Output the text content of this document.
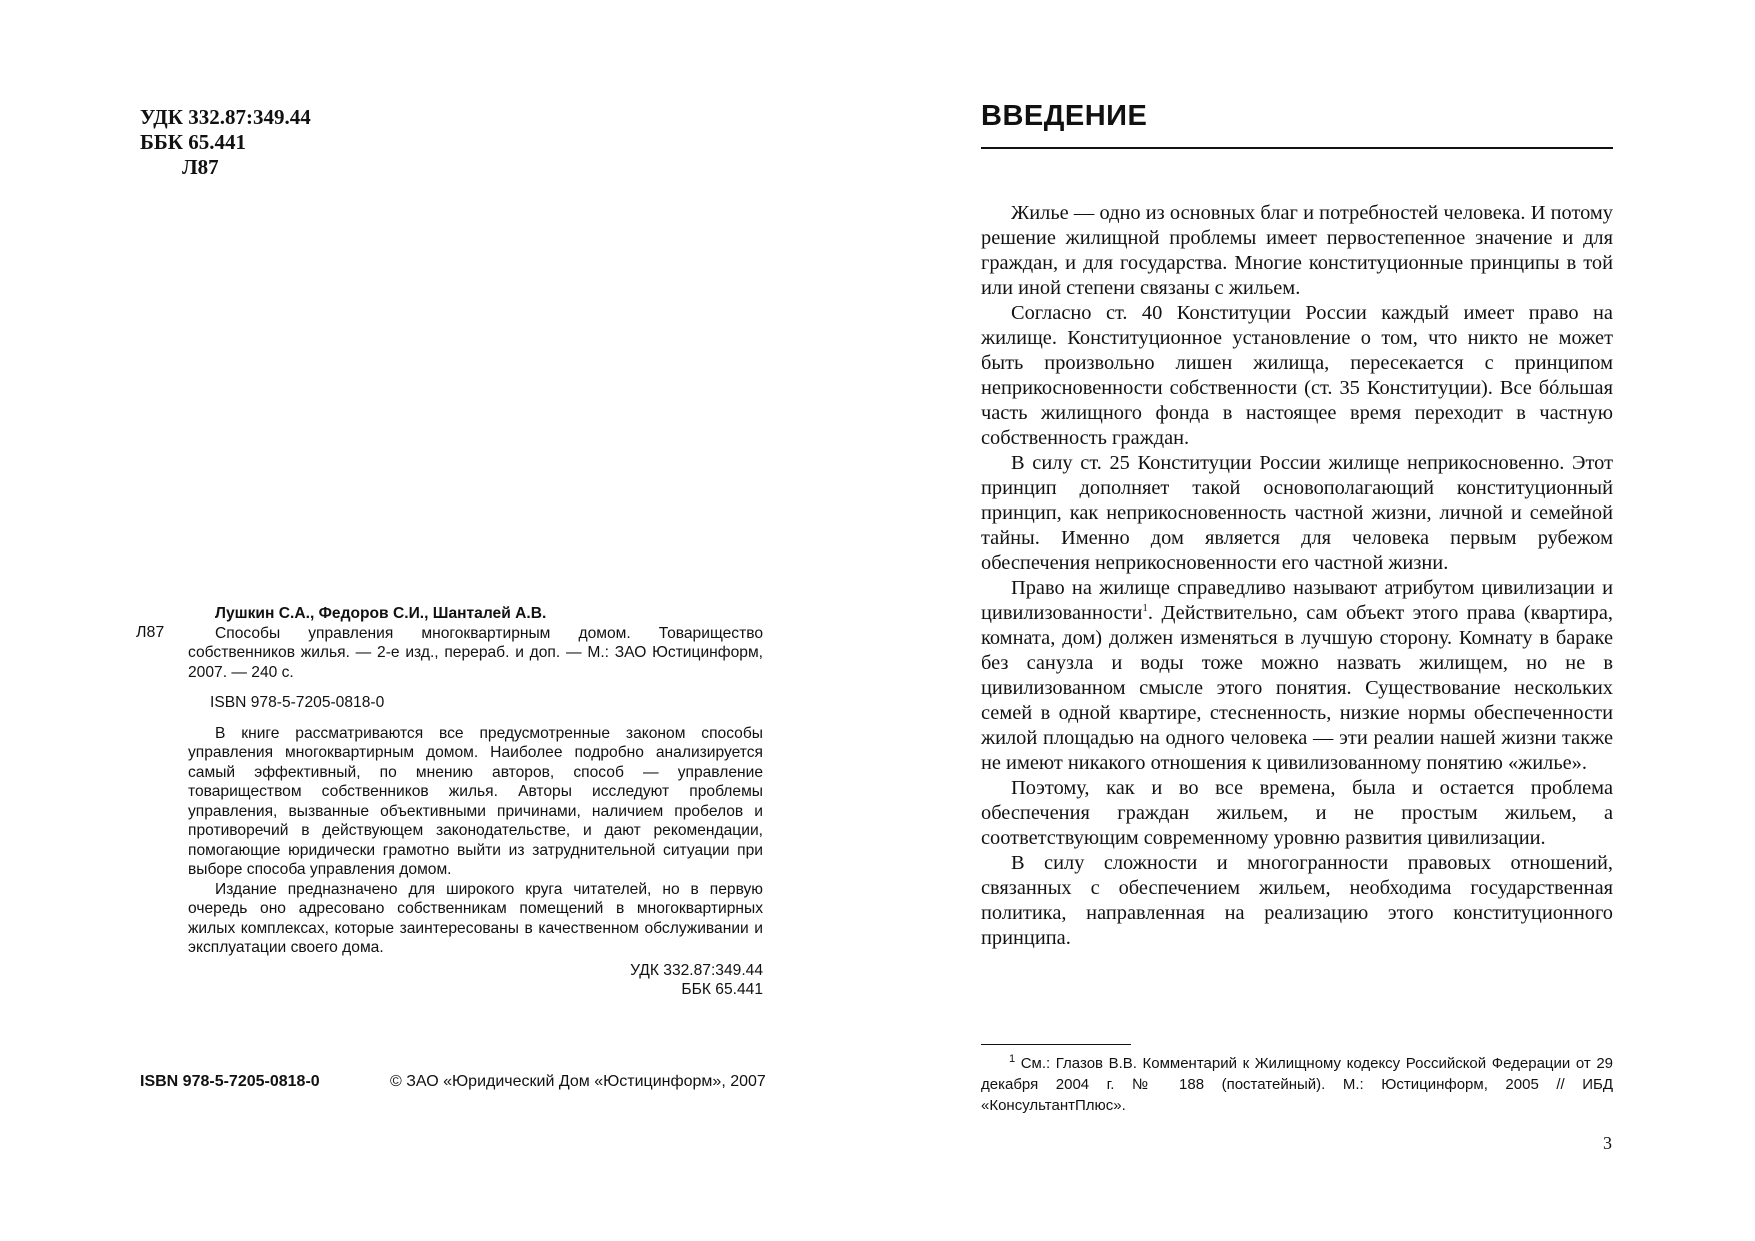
УДК 332.87:349.44
ББК 65.441
Л87
Л87

Лушкин С.А., Федоров С.И., Шанталей А.В.

Способы управления многоквартирным домом. Товарищество собственников жилья. — 2-е изд., перераб. и доп. — М.: ЗАО Юстицинформ, 2007. — 240 с.

ISBN 978-5-7205-0818-0

В книге рассматриваются все предусмотренные законом способы управления многоквартирным домом. Наиболее подробно анализируется самый эффективный, по мнению авторов, способ — управление товариществом собственников жилья. Авторы исследуют проблемы управления, вызванные объективными причинами, наличием пробелов и противоречий в действующем законодательстве, и дают рекомендации, помогающие юридически грамотно выйти из затруднительной ситуации при выборе способа управления домом.

Издание предназначено для широкого круга читателей, но в первую очередь оно адресовано собственникам помещений в многоквартирных жилых комплексах, которые заинтересованы в качественном обслуживании и эксплуатации своего дома.

УДК 332.87:349.44

ББК 65.441

ISBN 978-5-7205-0818-0	© ЗАО «Юридический Дом «Юстицинформ», 2007
ВВЕДЕНИЕ

Жилье — одно из основных благ и потребностей человека. И потому решение жилищной проблемы имеет первостепенное значение и для граждан, и для государства. Многие конституционные принципы в той или иной степени связаны с жильем.

Согласно ст. 40 Конституции России каждый имеет право на жилище. Конституционное установление о том, что никто не может быть произвольно лишен жилища, пересекается с принципом неприкосновенности собственности (ст. 35 Конституции). Все бóльшая часть жилищного фонда в настоящее время переходит в частную собственность граждан.

В силу ст. 25 Конституции России жилище неприкосновенно. Этот принцип дополняет такой основополагающий конституционный принцип, как неприкосновенность частной жизни, личной и семейной тайны. Именно дом является для человека первым рубежом обеспечения неприкосновенности его частной жизни.

Право на жилище справедливо называют атрибутом цивилизации и цивилизованности$^1$. Действительно, сам объект этого права (квартира, комната, дом) должен изменяться в лучшую сторону. Комнату в бараке без санузла и воды тоже можно назвать жилищем, но не в цивилизованном смысле этого понятия. Существование нескольких семей в одной квартире, стесненность, низкие нормы обеспеченности жилой площадью на одного человека — эти реалии нашей жизни также не имеют никакого отношения к цивилизованному понятию «жилье».

Поэтому, как и во все времена, была и остается проблема обеспечения граждан жильем, и не простым жильем, а соответствующим современному уровню развития цивилизации.

В силу сложности и многогранности правовых отношений, связанных с обеспечением жильем, необходима государственная политика, направленная на реализацию этого конституционного принципа.

$^1$ См.: Глазов В.В. Комментарий к Жилищному кодексу Российской Федерации от 29 декабря 2004 г. № 188 (постатейный). М.: Юстицинформ, 2005 // ИБД «КонсультантПлюс».

3
